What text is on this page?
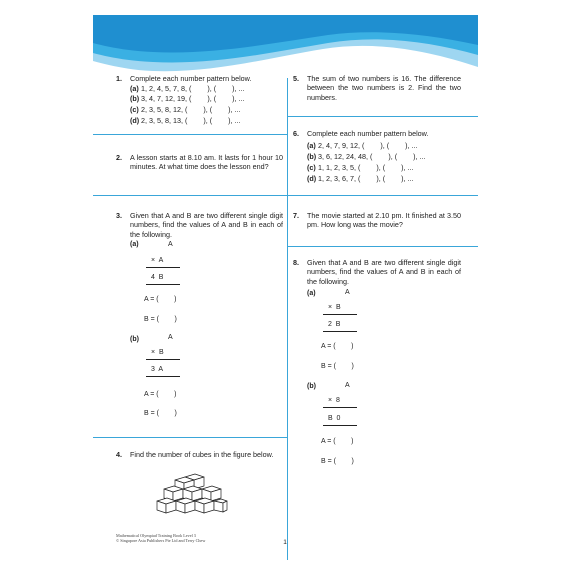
1. Complete each number pattern below.
(a) 1, 2, 4, 5, 7, 8, (        ), (        ), ...
(b) 3, 4, 7, 12, 19, (        ), (        ), ...
(c) 2, 3, 5, 8, 12, (        ), (        ), ...
(d) 2, 3, 5, 8, 13, (        ), (        ), ...
2. A lesson starts at 8.10 am. It lasts for 1 hour 10 minutes. At what time does the lesson end?
3. Given that A and B are two different single digit numbers, find the values of A and B in each of the following.
(a)	A
×  A
4  B
A = (        )
B = (        )
(b)	A
×  B
3  A
A = (        )
B = (        )
4. Find the number of cubes in the figure below.
5. The sum of two numbers is 16. The difference between the two numbers is 2. Find the two numbers.
6. Complete each number pattern below.
(a) 2, 4, 7, 9, 12, (        ), (        ), ...
(b) 3, 6, 12, 24, 48, (        ), (        ), ...
(c) 1, 1, 2, 3, 5, (        ), (        ), ...
(d) 1, 2, 3, 6, 7, (        ), (        ), ...
7. The movie started at 2.10 pm. It finished at 3.50 pm. How long was the movie?
8. Given that A and B are two different single digit numbers, find the values of A and B in each of the following.
(a)	A
×  B
2  B
A = (        )
B = (        )
(b)	A
×  8
B  0
A = (        )
B = (        )
Mathematical Olympiad Training Book Level 3
© Singapore Asia Publishers Pte Ltd and Terry Chew	1
